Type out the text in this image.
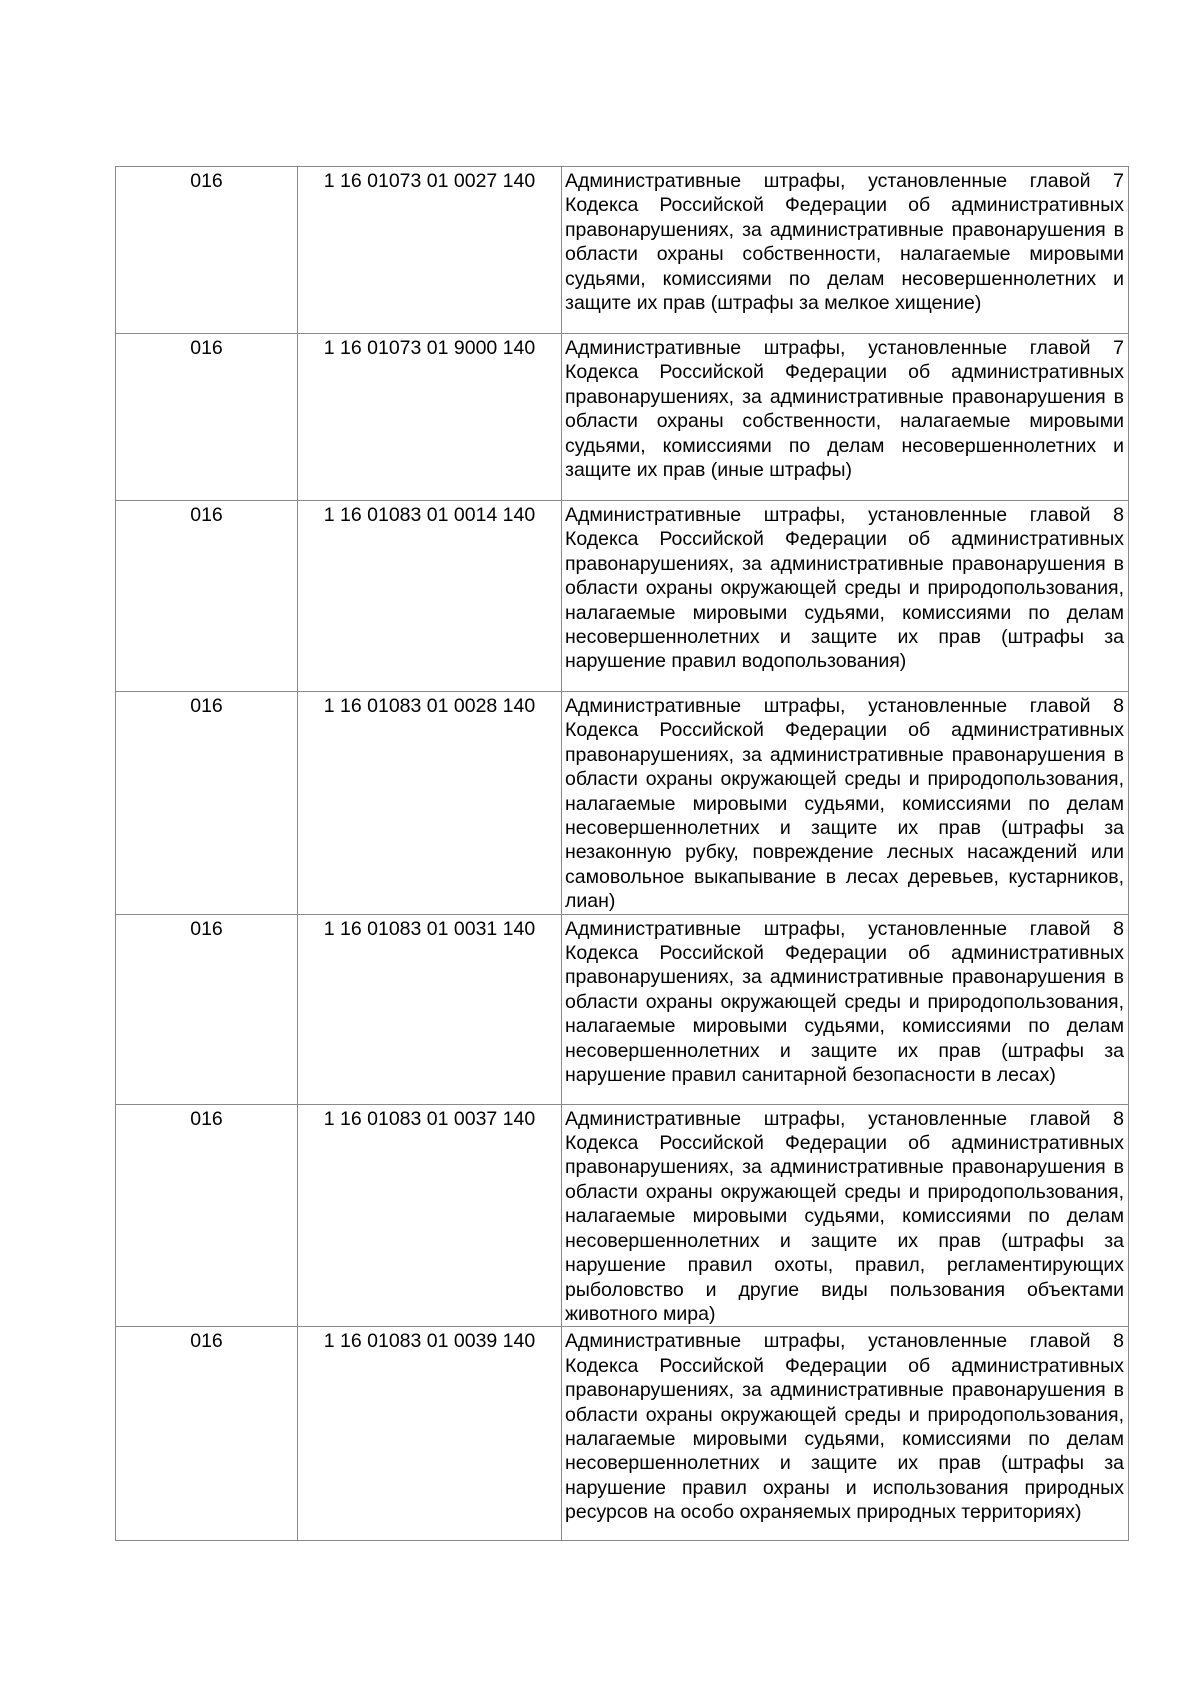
016	1 16 01073 01 0027 140	Административные штрафы, установленные главой 7 Кодекса Российской Федерации об административных правонарушениях, за административные правонарушения в области охраны собственности, налагаемые мировыми судьями, комиссиями по делам несовершеннолетних и защите их прав (штрафы за мелкое хищение)
016	1 16 01073 01 9000 140	Административные штрафы, установленные главой 7 Кодекса Российской Федерации об административных правонарушениях, за административные правонарушения в области охраны собственности, налагаемые мировыми судьями, комиссиями по делам несовершеннолетних и защите их прав (иные штрафы)
016	1 16 01083 01 0014 140	Административные штрафы, установленные главой 8 Кодекса Российской Федерации об административных правонарушениях, за административные правонарушения в области охраны окружающей среды и природопользования, налагаемые мировыми судьями, комиссиями по делам несовершеннолетних и защите их прав (штрафы за нарушение правил водопользования)
016	1 16 01083 01 0028 140	Административные штрафы, установленные главой 8 Кодекса Российской Федерации об административных правонарушениях, за административные правонарушения в области охраны окружающей среды и природопользования, налагаемые мировыми судьями, комиссиями по делам несовершеннолетних и защите их прав (штрафы за незаконную рубку, повреждение лесных насаждений или самовольное выкапывание в лесах деревьев, кустарников, лиан)
016	1 16 01083 01 0031 140	Административные штрафы, установленные главой 8 Кодекса Российской Федерации об административных правонарушениях, за административные правонарушения в области охраны окружающей среды и природопользования, налагаемые мировыми судьями, комиссиями по делам несовершеннолетних и защите их прав (штрафы за нарушение правил санитарной безопасности в лесах)
016	1 16 01083 01 0037 140	Административные штрафы, установленные главой 8 Кодекса Российской Федерации об административных правонарушениях, за административные правонарушения в области охраны окружающей среды и природопользования, налагаемые мировыми судьями, комиссиями по делам несовершеннолетних и защите их прав (штрафы за нарушение правил охоты, правил, регламентирующих рыболовство и другие виды пользования объектами животного мира)
016	1 16 01083 01 0039 140	Административные штрафы, установленные главой 8 Кодекса Российской Федерации об административных правонарушениях, за административные правонарушения в области охраны окружающей среды и природопользования, налагаемые мировыми судьями, комиссиями по делам несовершеннолетних и защите их прав (штрафы за нарушение правил охраны и использования природных ресурсов на особо охраняемых природных территориях)
